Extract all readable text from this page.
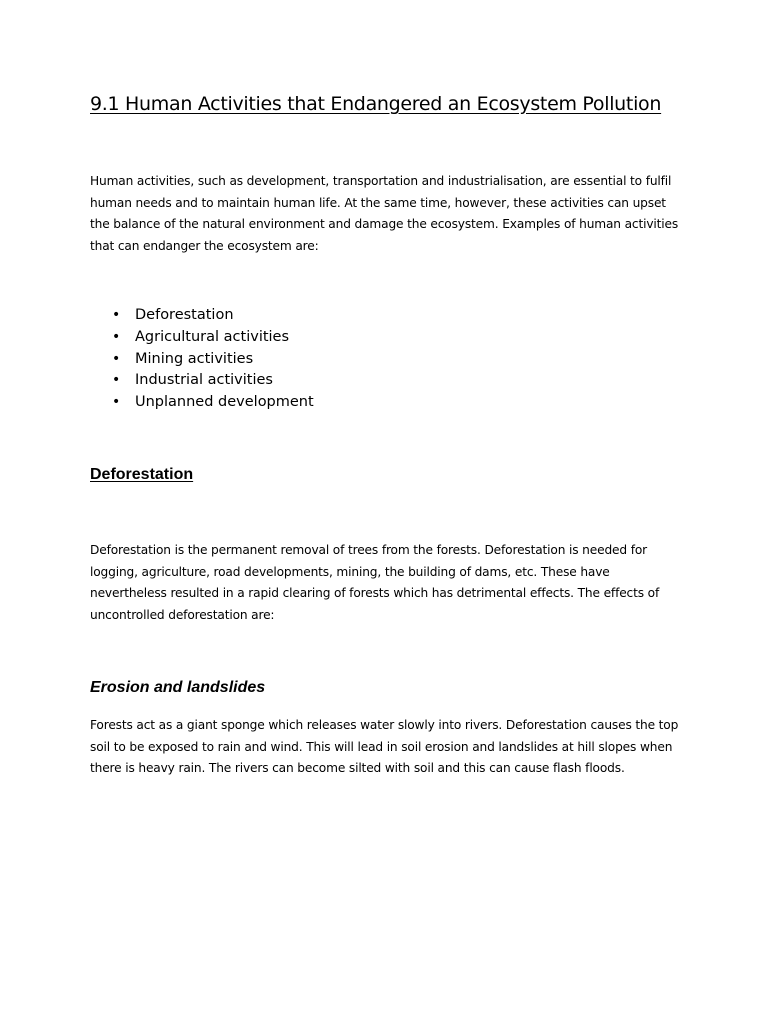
9.1 Human Activities that Endangered an Ecosystem Pollution

Human activities, such as development, transportation and industrialisation, are essential to fulfil human needs and to maintain human life. At the same time, however, these activities can upset the balance of the natural environment and damage the ecosystem. Examples of human activities that can endanger the ecosystem are:

• Deforestation
• Agricultural activities
• Mining activities
• Industrial activities
• Unplanned development
Deforestation

Deforestation is the permanent removal of trees from the forests. Deforestation is needed for logging, agriculture, road developments, mining, the building of dams, etc. These have nevertheless resulted in a rapid clearing of forests which has detrimental effects. The effects of uncontrolled deforestation are:

Erosion and landslides

Forests act as a giant sponge which releases water slowly into rivers. Deforestation causes the top soil to be exposed to rain and wind. This will lead in soil erosion and landslides at hill slopes when there is heavy rain. The rivers can become silted with soil and this can cause flash floods.
